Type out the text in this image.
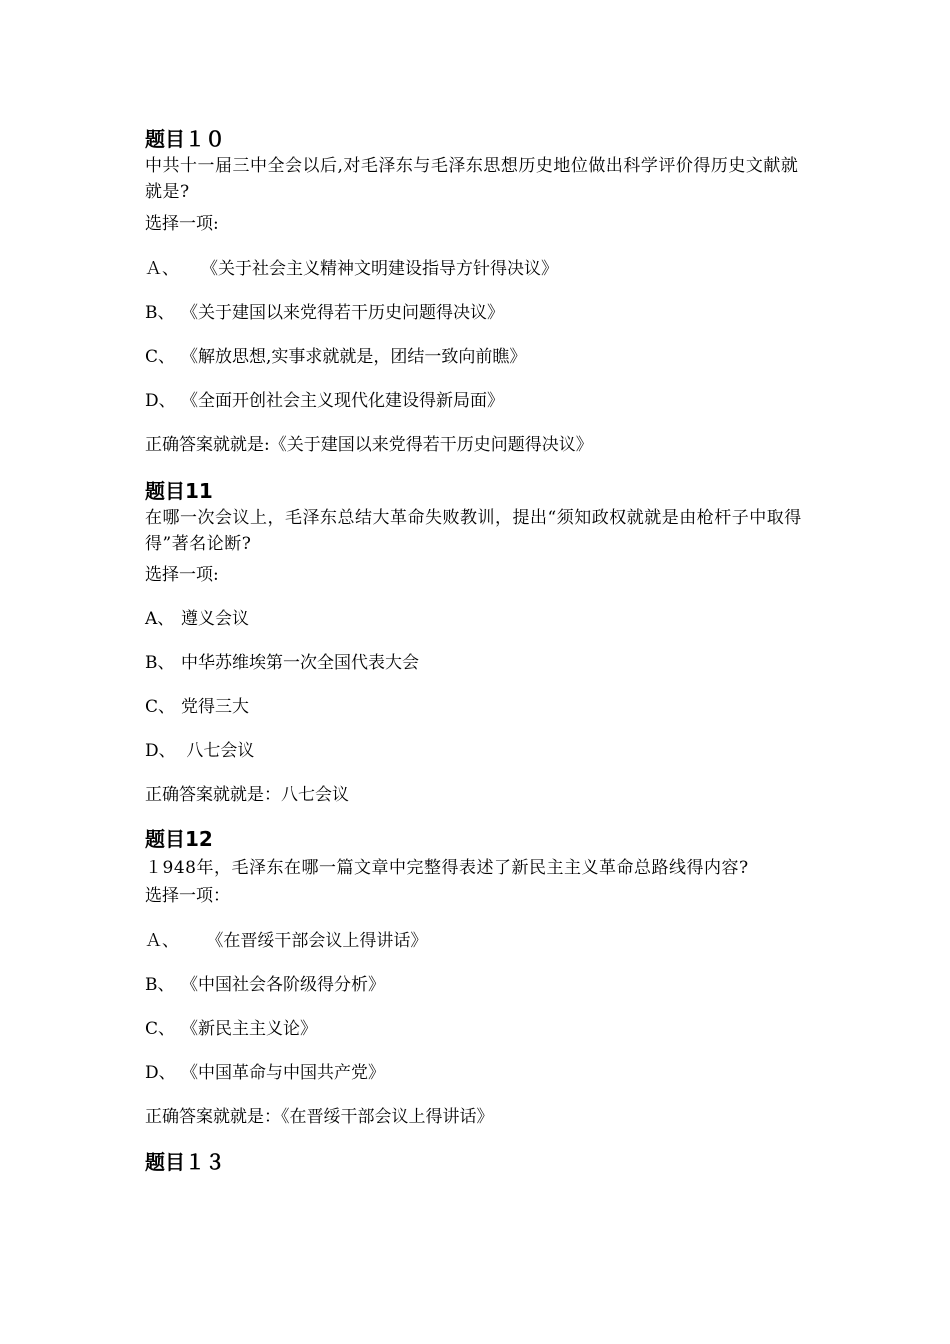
题目１０
中共十一届三中全会以后,对毛泽东与毛泽东思想历史地位做出科学评价得历史文献就就是?
选择一项:
Ａ、 《关于社会主义精神文明建设指导方针得决议》
B、 《关于建国以来党得若干历史问题得决议》
C、 《解放思想,实事求就就是，团结一致向前瞧》
D、 《全面开创社会主义现代化建设得新局面》
正确答案就就是:《关于建国以来党得若干历史问题得决议》
题目11
在哪一次会议上，毛泽东总结大革命失败教训，提出“须知政权就就是由枪杆子中取得得”著名论断?
选择一项:
A、 遵义会议
B、 中华苏维埃第一次全国代表大会
C、 党得三大
D、 八七会议
正确答案就就是：八七会议
题目12
１948年，毛泽东在哪一篇文章中完整得表述了新民主主义革命总路线得内容?
选择一项：
Ａ、 《在晋绥干部会议上得讲话》
B、 《中国社会各阶级得分析》
C、 《新民主主义论》
D、 《中国革命与中国共产党》
正确答案就就是：《在晋绥干部会议上得讲话》
题目１３
